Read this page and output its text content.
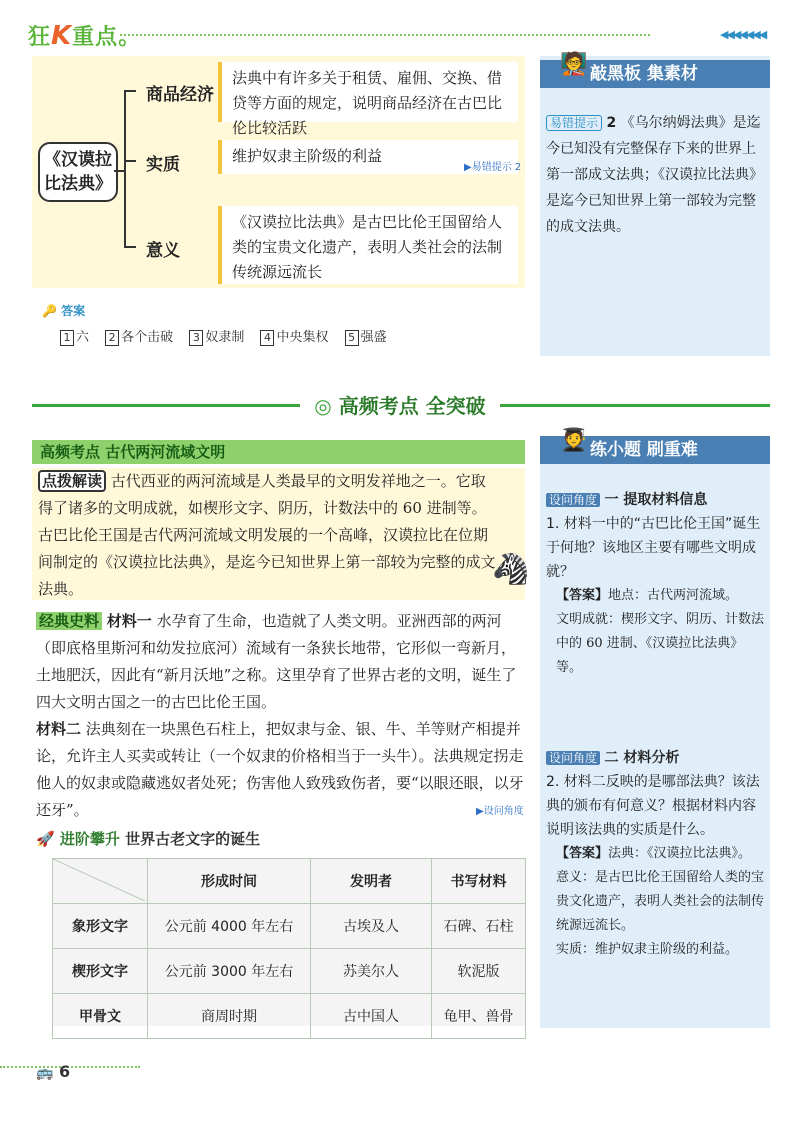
狂K重点。	◀◀◀◀◀◀◀
《汉谟拉比法典》
商品经济
法典中有许多关于租赁、雇佣、交换、借贷等方面的规定，说明商品经济在古巴比伦比较活跃
实质	维护奴隶主阶级的利益
▶易错提示 2
意义
《汉谟拉比法典》是古巴比伦王国留给人类的宝贵文化遗产，表明人类社会的法制传统源远流长
🔑 答案
1 六 2 各个击破 3 奴隶制 4 中央集权 5 强盛
敲黑板 集素材
🧑‍🏫
易错提示 2 《乌尔纳姆法典》是迄今已知没有完整保存下来的世界上第一部成文法典；《汉谟拉比法典》是迄今已知世界上第一部较为完整的成文法典。
◎ 高频考点 全突破
高频考点 古代两河流域文明
点拨解读 古代西亚的两河流域是人类最早的文明发祥地之一。它取得了诸多的文明成就，如楔形文字、阴历，计数法中的 60 进制等。古巴比伦王国是古代两河流域文明发展的一个高峰，汉谟拉比在位期间制定的《汉谟拉比法典》，是迄今已知世界上第一部较为完整的成文法典。
🦓
经典史料 材料一 水孕育了生命，也造就了人类文明。亚洲西部的两河（即底格里斯河和幼发拉底河）流域有一条狭长地带，它形似一弯新月，土地肥沃，因此有“新月沃地”之称。这里孕育了世界古老的文明，诞生了四大文明古国之一的古巴比伦王国。
材料二 法典刻在一块黑色石柱上，把奴隶与金、银、牛、羊等财产相提并论，允许主人买卖或转让（一个奴隶的价格相当于一头牛）。法典规定拐走他人的奴隶或隐藏逃奴者处死；伤害他人致残致伤者，要“以眼还眼，以牙还牙”。	▶设问角度
🚀 进阶攀升 世界古老文字的诞生
	形成时间	发明者	书写材料
象形文字	公元前 4000 年左右	古埃及人	石碑、石柱
楔形文字	公元前 3000 年左右	苏美尔人	软泥版
甲骨文	商周时期	古中国人	龟甲、兽骨
练小题 刷重难
🧑‍🎓
设问角度 一 提取材料信息
1. 材料一中的“古巴比伦王国”诞生于何地？该地区主要有哪些文明成就？
【答案】地点：古代两河流域。
文明成就：楔形文字、阴历、计数法中的 60 进制、《汉谟拉比法典》等。
设问角度 二 材料分析
2. 材料二反映的是哪部法典？该法典的颁布有何意义？根据材料内容说明该法典的实质是什么。
【答案】法典：《汉谟拉比法典》。
意义：是古巴比伦王国留给人类的宝贵文化遗产，表明人类社会的法制传统源远流长。
实质：维护奴隶主阶级的利益。
🚌 6
